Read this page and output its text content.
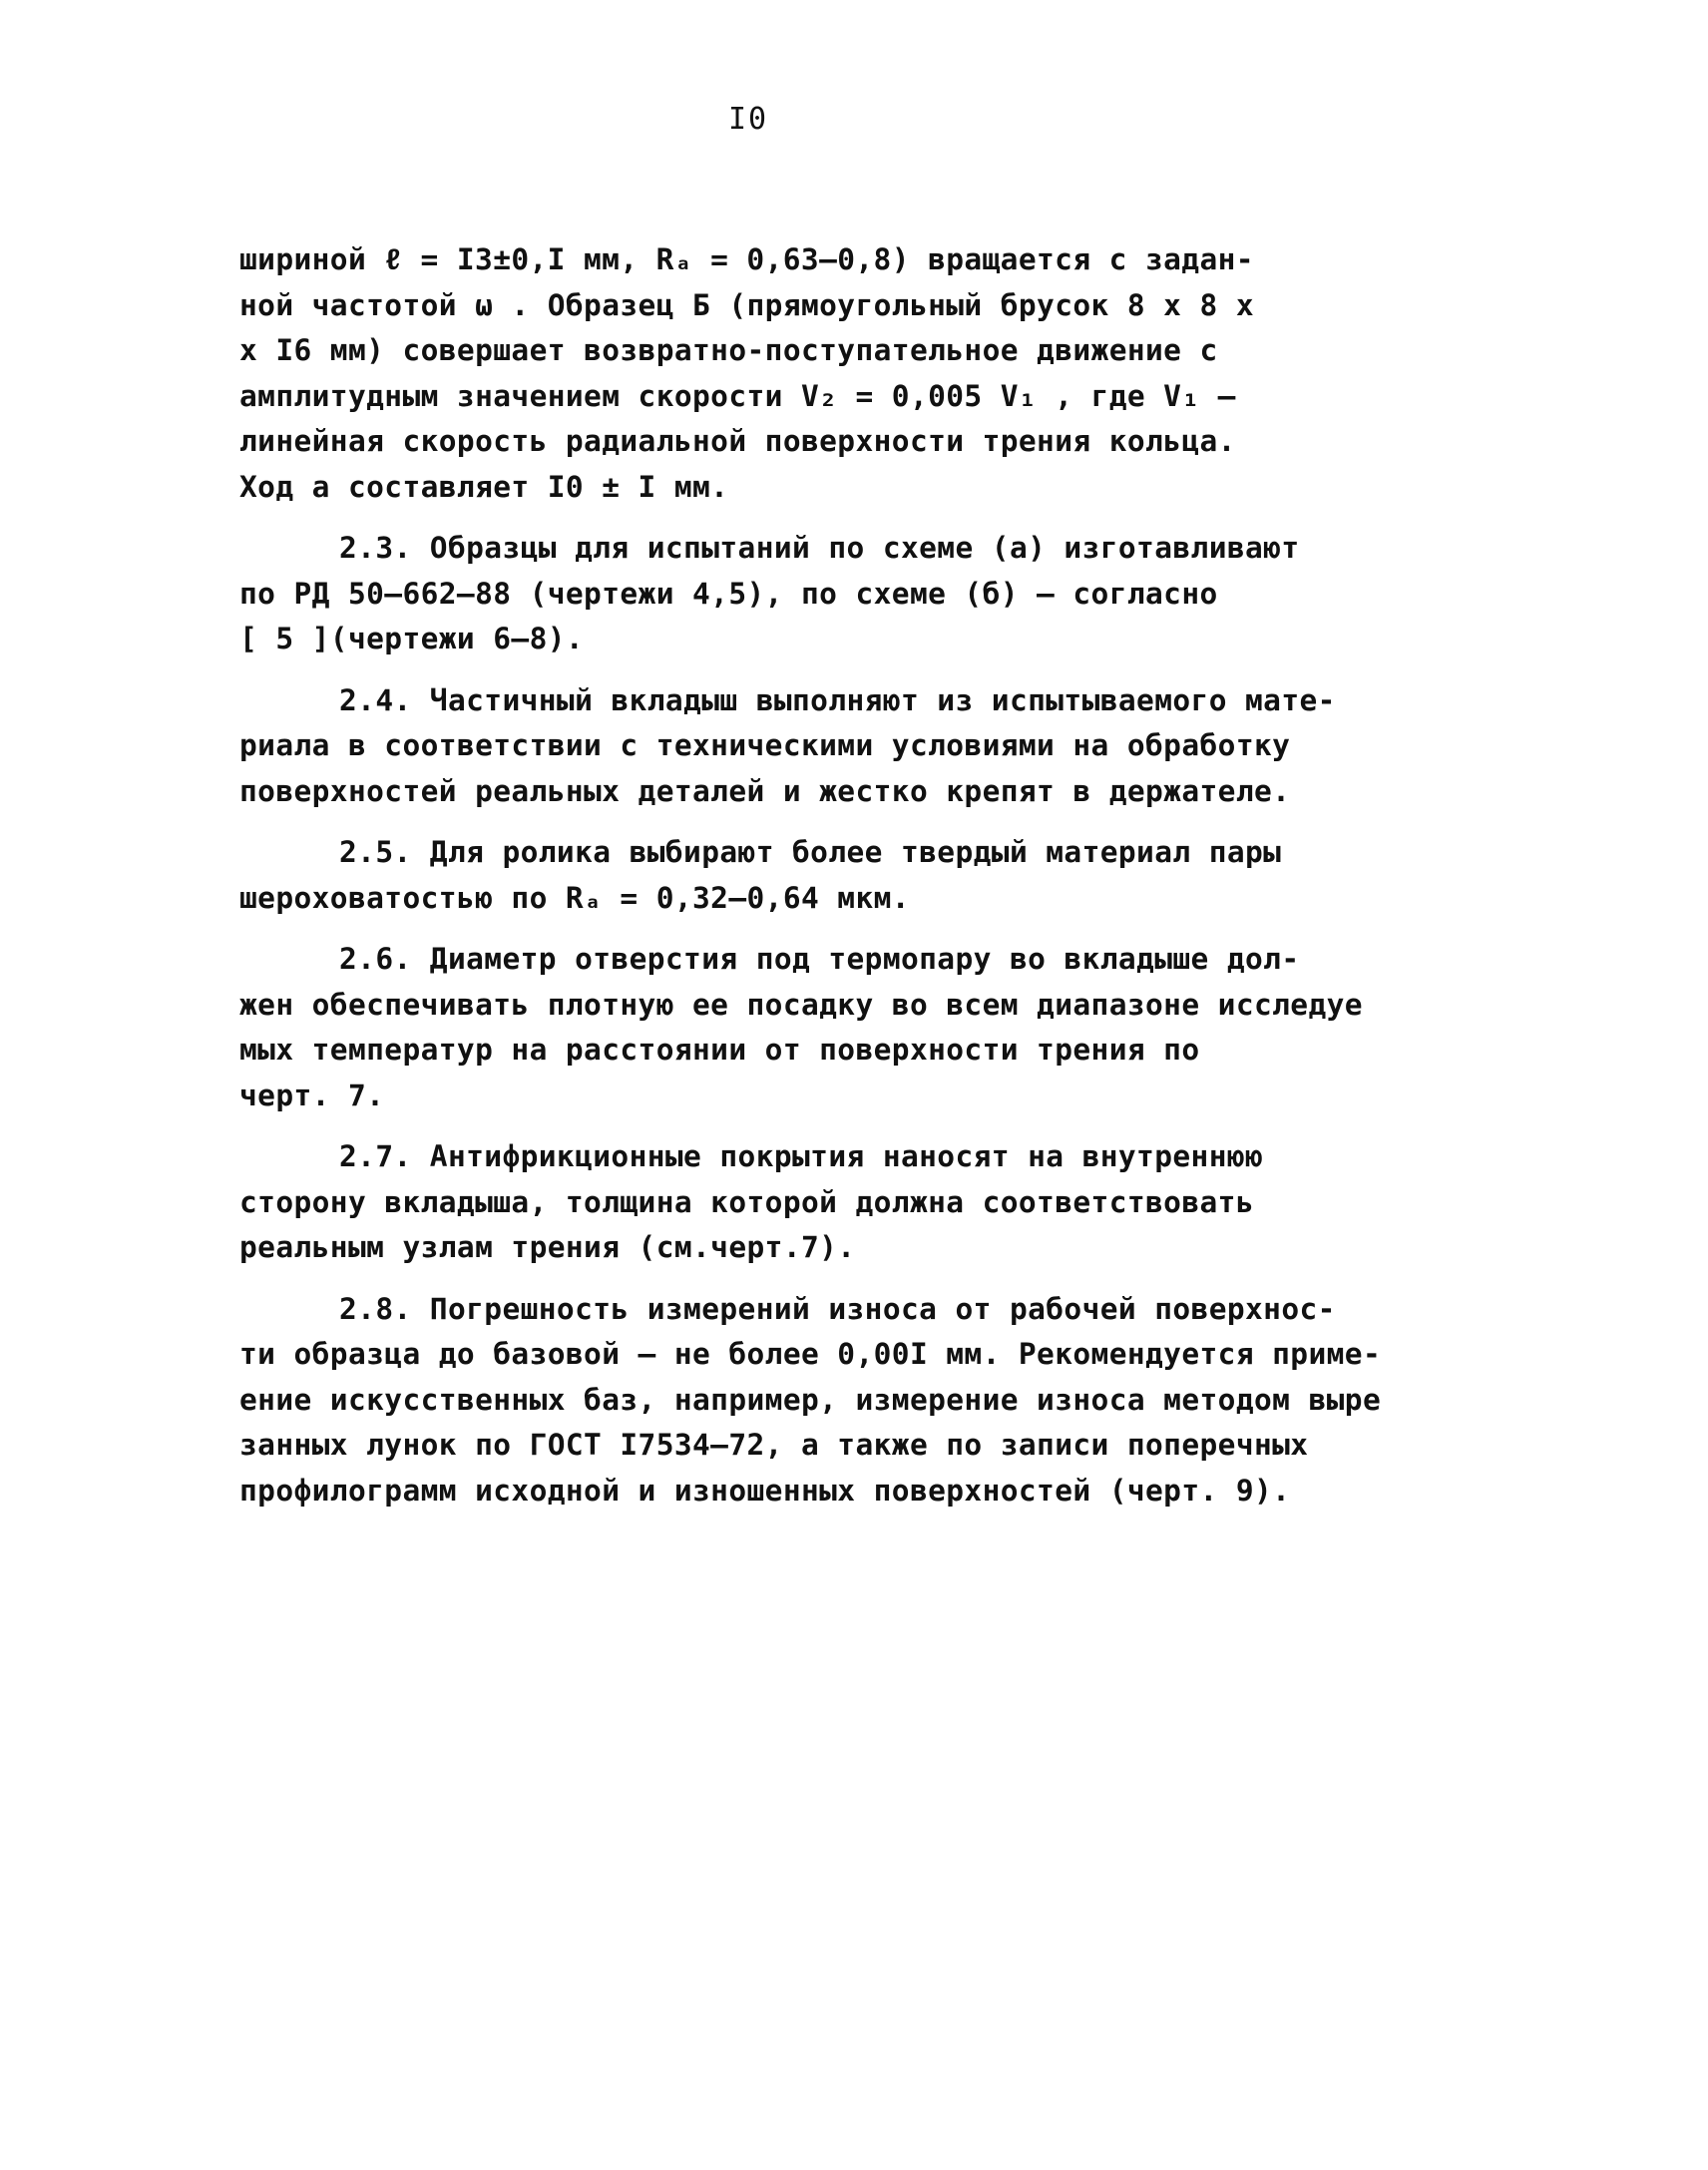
I0
шириной ℓ = I3±0,I мм, Rₐ = 0,63–0,8) вращается с задан-
ной частотой ω . Образец Б (прямоугольный брусок 8 х 8 х
х I6 мм) совершает возвратно-поступательное движение с
амплитудным значением скорости V₂ = 0,005 V₁ , где V₁ –
линейная скорость радиальной поверхности трения кольца.
Ход a составляет I0 ± I мм.
2.3. Образцы для испытаний по схеме (а) изготавливают
по РД 50–662–88 (чертежи 4,5), по схеме (б) – согласно
[ 5 ](чертежи 6–8).
2.4. Частичный вкладыш выполняют из испытываемого мате-
риала в соответствии с техническими условиями на обработку
поверхностей реальных деталей и жестко крепят в держателе.
2.5. Для ролика выбирают более твердый материал пары
шероховатостью по Rₐ = 0,32–0,64 мкм.
2.6. Диаметр отверстия под термопару во вкладыше дол-
жен обеспечивать плотную ее посадку во всем диапазоне исследуе
мых температур на расстоянии от поверхности трения по
черт. 7.
2.7. Антифрикционные покрытия наносят на внутреннюю
сторону вкладыша, толщина которой должна соответствовать
реальным узлам трения (см.черт.7).
2.8. Погрешность измерений износа от рабочей поверхнос-
ти образца до базовой – не более 0,00I мм. Рекомендуется приме-
ение искусственных баз, например, измерение износа методом выре
занных лунок по ГОСТ I7534–72, а также по записи поперечных
профилограмм исходной и изношенных поверхностей (черт. 9).
